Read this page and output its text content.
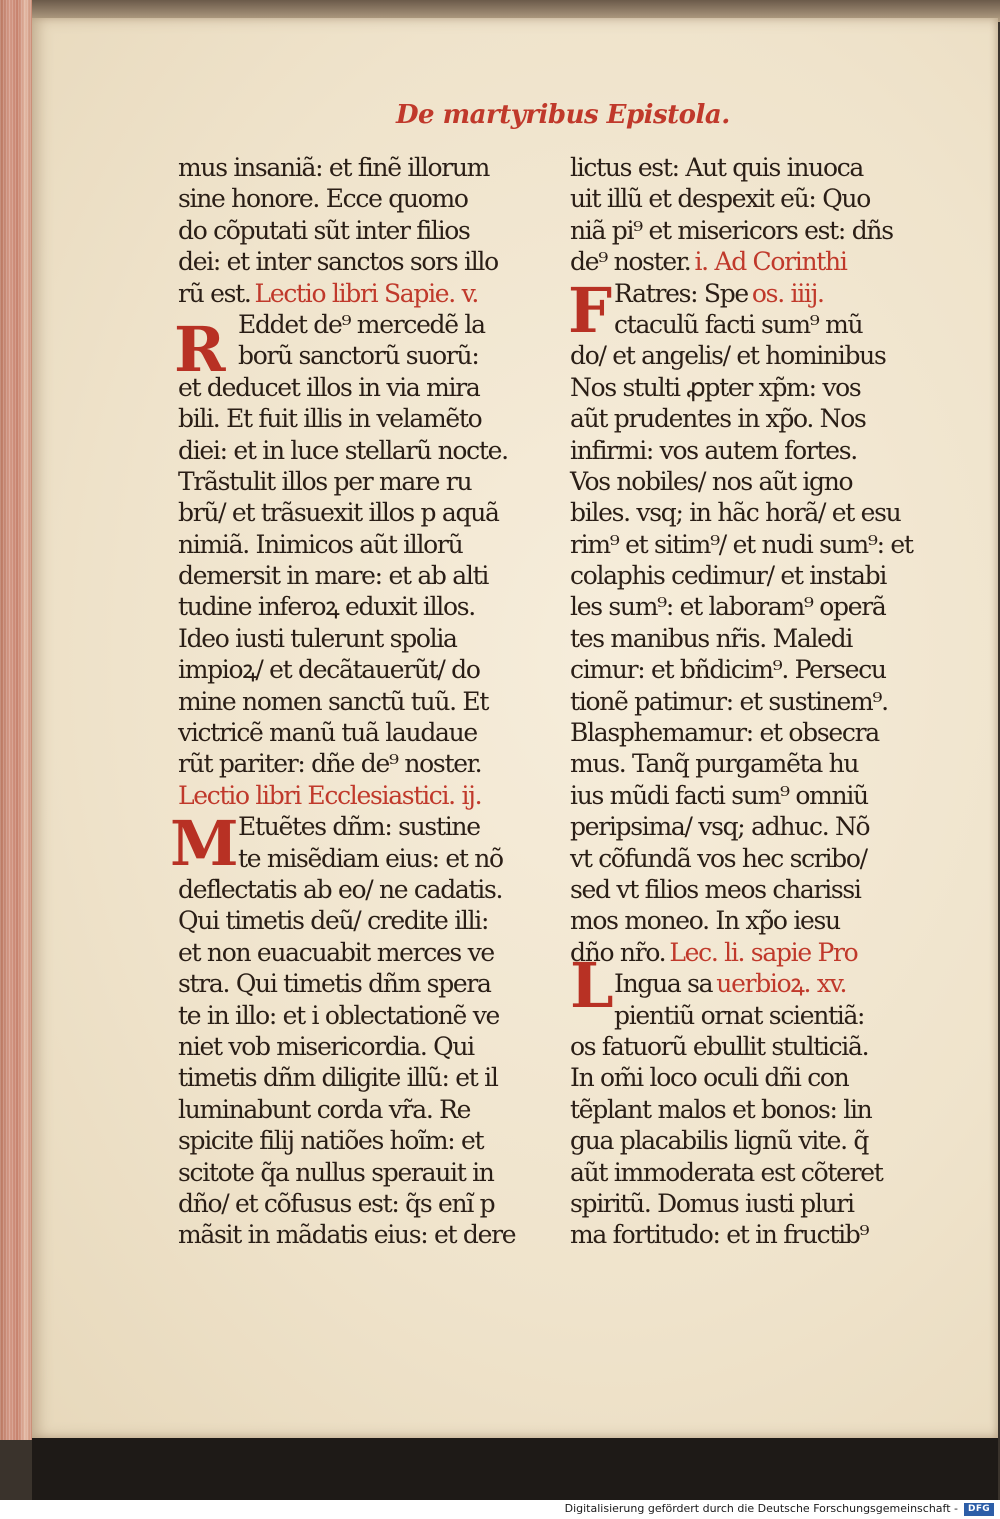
De martyribus Epistola.
mus insaniã: et finẽ illorum
sine honore. Ecce quomo
do cõputati sũt inter filios
dei: et inter sanctos sors illo
rũ est. Lectio libri Sapie. v.
Eddet de⁹ mercedẽ la
borũ sanctorũ suorũ:
et deducet illos in via mira
bili. Et fuit illis in velamẽto
diei: et in luce stellarũ nocte.
Trãstulit illos per mare ru
brũ/ et trãsuexit illos p aquã
nimiã. Inimicos aũt illorũ
demersit in mare: et ab alti
tudine inferoꝝ eduxit illos.
Ideo iusti tulerunt spolia
impioꝝ/ et decãtauerũt/ do
mine nomen sanctũ tuũ. Et
victricẽ manũ tuã laudaue
rũt pariter: dñe de⁹ noster.
Lectio libri Ecclesiastici. ij.
Etuẽtes dñm: sustine
te misẽdiam eius: et nõ
deflectatis ab eo/ ne cadatis.
Qui timetis deũ/ credite illi:
et non euacuabit merces ve
stra. Qui timetis dñm spera
te in illo: et i oblectationẽ ve
niet vob misericordia. Qui
timetis dñm diligite illũ: et il
luminabunt corda vr̃a. Re
spicite filij natiões hoĩm: et
scitote q̃a nullus sperauit in
dño/ et cõfusus est: q̃s enĩ p
mãsit in mãdatis eius: et dere
lictus est: Aut quis inuoca
uit illũ et despexit eũ: Quo
niã pi⁹ et misericors est: dñs
de⁹ noster. i. Ad Corinthi
Ratres: Spe os. iiij.
ctaculũ facti sum⁹ mũ
do/ et angelis/ et hominibus
Nos stulti ꝓpter xp̃m: vos
aũt prudentes in xp̃o. Nos
infirmi: vos autem fortes.
Vos nobiles/ nos aũt igno
biles. vsq; in hãc horã/ et esu
rim⁹ et sitim⁹/ et nudi sum⁹: et
colaphis cedimur/ et instabi
les sum⁹: et laboram⁹ operã
tes manibus nr̃is. Maledi
cimur: et bñdicim⁹. Persecu
tionẽ patimur: et sustinem⁹.
Blasphemamur: et obsecra
mus. Tanq̃ purgamẽta hu
ius mũdi facti sum⁹ omniũ
peripsima/ vsq; adhuc. Nõ
vt cõfundã vos hec scribo/
sed vt filios meos charissi
mos moneo. In xp̃o iesu
dño nr̃o. Lec. li. sapie Pro
Ingua sa uerbioꝝ. xv.
pientiũ ornat scientiã:
os fatuorũ ebullit stulticiã.
In om̃i loco oculi dñi con
tẽplant malos et bonos: lin
gua placabilis lignũ vite. q̃
aũt immoderata est cõteret
spiritũ. Domus iusti pluri
ma fortitudo: et in fructib⁹
R
M
F
L
Digitalisierung gefördert durch die Deutsche Forschungsgemeinschaft -	DFG
